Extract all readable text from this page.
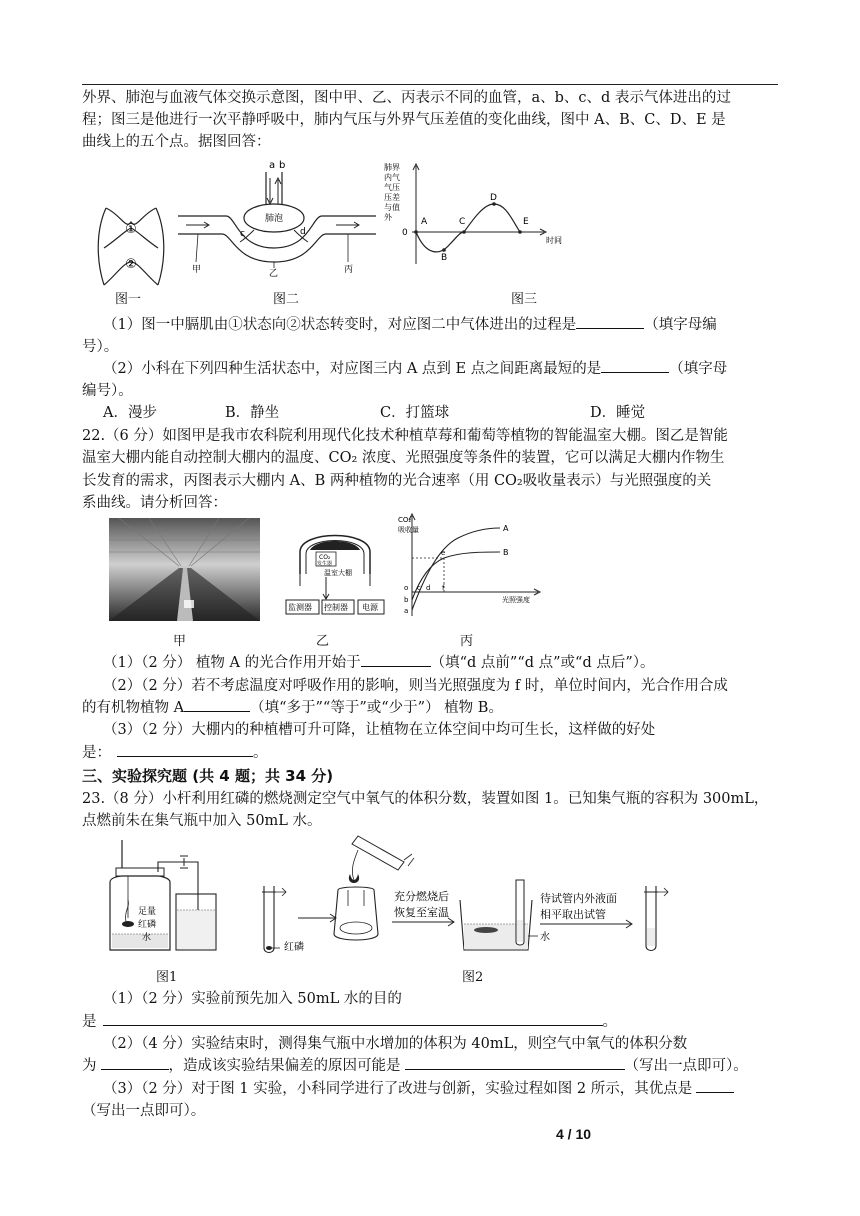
外界、肺泡与血液气体交换示意图，图中甲、乙、丙表示不同的血管，a、b、c、d 表示气体进出的过
程；图三是他进行一次平静呼吸中，肺内气压与外界气压差值的变化曲线，图中 A、B、C、D、E 是
曲线上的五个点。据图回答：
①
②
图一
a b
肺泡
c	d
甲	乙	丙
图二
肺界内气气压压差与值外
0
A
B
C
D
E
时间
图三
（1）图一中膈肌由①状态向②状态转变时，对应图二中气体进出的过程是	（填字母编
号）。
（2）小科在下列四种生活状态中，对应图三内 A 点到 E 点之间距离最短的是	（填字母
编号）。
A．漫步	B．静坐	C．打篮球	D．睡觉
22.（6 分）如图甲是我市农科院利用现代化技术种植草莓和葡萄等植物的智能温室大棚。图乙是智能
温室大棚内能自动控制大棚内的温度、CO₂ 浓度、光照强度等条件的装置，它可以满足大棚内作物生
长发育的需求，丙图表示大棚内 A、B 两种植物的光合速率（用 CO₂吸收量表示）与光照强度的关
系曲线。请分析回答：
甲
CO₂
发生器
温室大棚
监测器 控制器 电源
乙
CO₂
吸收量
光照强度
A
B
e
o
b
a
c d f
丙
（1）（2 分） 植物 A 的光合作用开始于	（填“d 点前”“d 点”或“d 点后”）。
（2）（2 分）若不考虑温度对呼吸作用的影响，则当光照强度为 f 时，单位时间内，光合作用合成
的有机物植物 A	（填“多于”“等于”或“少于”） 植物 B。
（3）（2 分）大棚内的种植槽可升可降，让植物在立体空间中均可生长，这样做的好处
是：	。
三、实验探究题 (共 4 题；共 34 分)
23.（8 分）小杆利用红磷的燃烧测定空气中氧气的体积分数，装置如图 1。已知集气瓶的容积为 300mL，
点燃前朱在集气瓶中加入 50mL 水。
足量
红磷
水
图1
红磷
充分燃烧后
恢复至室温
水
待试管内外液面
相平取出试管
图2
（1）（2 分）实验前预先加入 50mL 水的目的
是	。
（2）（4 分）实验结束时，测得集气瓶中水增加的体积为 40mL，则空气中氧气的体积分数
为	，造成该实验结果偏差的原因可能是	（写出一点即可）。
（3）（2 分）对于图 1 实验，小科同学进行了改进与创新，实验过程如图 2 所示，其优点是
（写出一点即可）。
4 / 10
